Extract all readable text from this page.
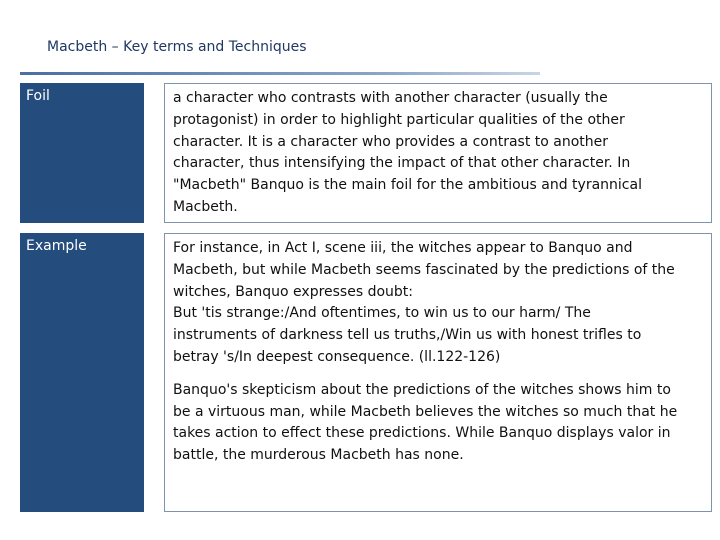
Macbeth – Key terms and Techniques
Foil	a character who contrasts with another character (usually the

protagonist) in order to highlight particular qualities of the other

character. It is a character who provides a contrast to another

character, thus intensifying the impact of that other character. In

"Macbeth" Banquo is the main foil for the ambitious and tyrannical

Macbeth.

Example	For instance, in Act I, scene iii, the witches appear to Banquo and

Macbeth, but while Macbeth seems fascinated by the predictions of the

witches, Banquo expresses doubt:

But 'tis strange:/And oftentimes, to win us to our harm/ The

instruments of darkness tell us truths,/Win us with honest trifles to

betray 's/In deepest consequence. (ll.122-126)

Banquo's skepticism about the predictions of the witches shows him to

be a virtuous man, while Macbeth believes the witches so much that he

takes action to effect these predictions. While Banquo displays valor in

battle, the murderous Macbeth has none.
